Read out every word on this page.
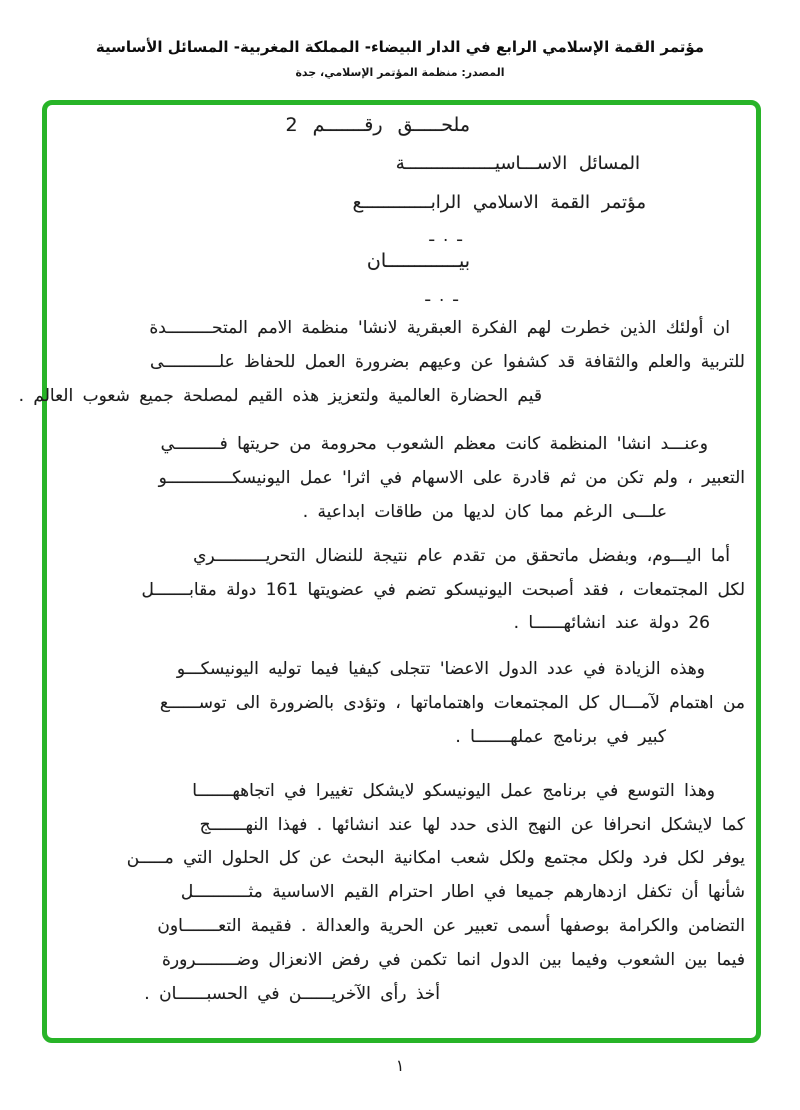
مؤتمر القمة الإسلامي الرابع في الدار البيضاء- المملكة المغربية- المسائل الأساسية
المصدر: منظمة المؤتمر الإسلامي، جدة
ملحـــــق رقـــــــم 2
المسائل الاســـاسيـــــــــــــــــة
مؤتمر القمة الاسلامي الرابـــــــــــــع
ـ . ـ
بيـــــــــــــان
ـ . ـ
ان أولئك الذين خطرت لهم الفكرة العبقرية لانشا' منظمة الامم المتحـــــــــدة
للتربية والعلم والثقافة قد كشفوا عن وعيهم بضرورة العمل للحفاظ علـــــــــــى
قيم الحضارة العالمية ولتعزيز هذه القيم لمصلحة جميع شعوب العالم .
وعنـــد انشا' المنظمة كانت معظم الشعوب محرومة من حريتها فـــــــــي
التعبير ، ولم تكن من ثم قادرة على الاسهام في اثرا' عمل اليونيسكـــــــــــــو
علـــى الرغم مما كان لديها من طاقات ابداعية .
أما اليـــوم، وبفضل ماتحقق من تقدم عام نتيجة للنضال التحريــــــــــري
لكل المجتمعات ، فقد أصبحت اليونيسكو تضم في عضويتها 161 دولة مقابـــــــل
26 دولة عند انشائهــــــا .
وهذه الزيادة في عدد الدول الاعضا' تتجلى كيفيا فيما توليه اليونيسكـــو
من اهتمام لآمـــال كل المجتمعات واهتماماتها ، وتؤدى بالضرورة الى توســــــع
كبير في برنامج عملهـــــــا .
وهذا التوسع في برنامج عمل اليونيسكو لايشكل تغييرا في اتجاههـــــــا
كما لايشكل انحرافا عن النهج الذى حدد لها عند انشائها . فهذا النهـــــــج
يوفر لكل فرد ولكل مجتمع ولكل شعب امكانية البحث عن كل الحلول التي مـــــن
شأنها أن تكفل ازدهارهم جميعا في اطار احترام القيم الاساسية مثـــــــــــل
التضامن والكرامة بوصفها أسمى تعبير عن الحرية والعدالة . فقيمة التعـــــــاون
فيما بين الشعوب وفيما بين الدول انما تكمن في رفض الانعزال وضــــــــرورة
أخذ رأى الآخريــــــن في الحسبــــــان .
١
